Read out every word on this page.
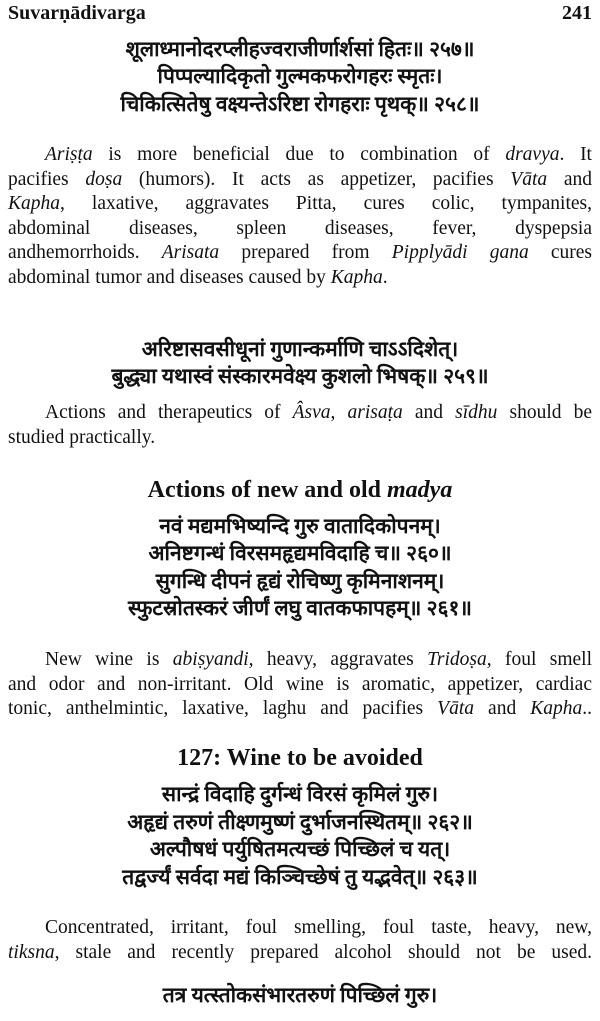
Suvarṇādivarga	241
शूलाध्मानोदरप्लीहज्वराजीर्णार्शसां हितः॥ २५७॥
पिप्पल्यादिकृतो गुल्मकफरोगहरः स्मृतः।
चिकित्सितेषु वक्ष्यन्तेऽरिष्टा रोगहराः पृथक्॥ २५८॥
Ariṣṭa is more beneficial due to combination of dravya. It
pacifies doṣa (humors). It acts as appetizer, pacifies Vāta and
Kapha, laxative, aggravates Pitta, cures colic, tympanites,
abdominal diseases, spleen diseases, fever, dyspepsia
andhemorrhoids. Arisata prepared from Pipplyādi gana cures
abdominal tumor and diseases caused by Kapha.
अरिष्टासवसीधूनां गुणान्कर्माणि चाऽऽदिशेत्।
बुद्ध्या यथास्वं संस्कारमवेक्ष्य कुशलो भिषक्॥ २५९॥
Actions and therapeutics of Âsva, arisaṭa and sīdhu should be
studied practically.
Actions of new and old madya
नवं मद्यमभिष्यन्दि गुरु वातादिकोपनम्।
अनिष्टगन्धं विरसमहृद्यमविदाहि च॥ २६०॥
सुगन्धि दीपनं हृद्यं रोचिष्णु कृमिनाशनम्।
स्फुटस्रोतस्करं जीर्णं लघु वातकफापहम्॥ २६१॥
New wine is abiṣyandi, heavy, aggravates Tridoṣa, foul smell
and odor and non-irritant. Old wine is aromatic, appetizer, cardiac
tonic, anthelmintic, laxative, laghu and pacifies Vāta and Kapha..
127: Wine to be avoided
सान्द्रं विदाहि दुर्गन्धं विरसं कृमिलं गुरु।
अहृद्यं तरुणं तीक्ष्णमुष्णं दुर्भाजनस्थितम्॥ २६२॥
अल्पौषधं पर्युषितमत्यच्छं पिच्छिलं च यत्।
तद्वर्ज्यं सर्वदा मद्यं किञ्चिच्छेषं तु यद्भवेत्॥ २६३॥
Concentrated, irritant, foul smelling, foul taste, heavy, new,
tiksna, stale and recently prepared alcohol should not be used.
तत्र यत्स्तोकसंभारतरुणं पिच्छिलं गुरु।
